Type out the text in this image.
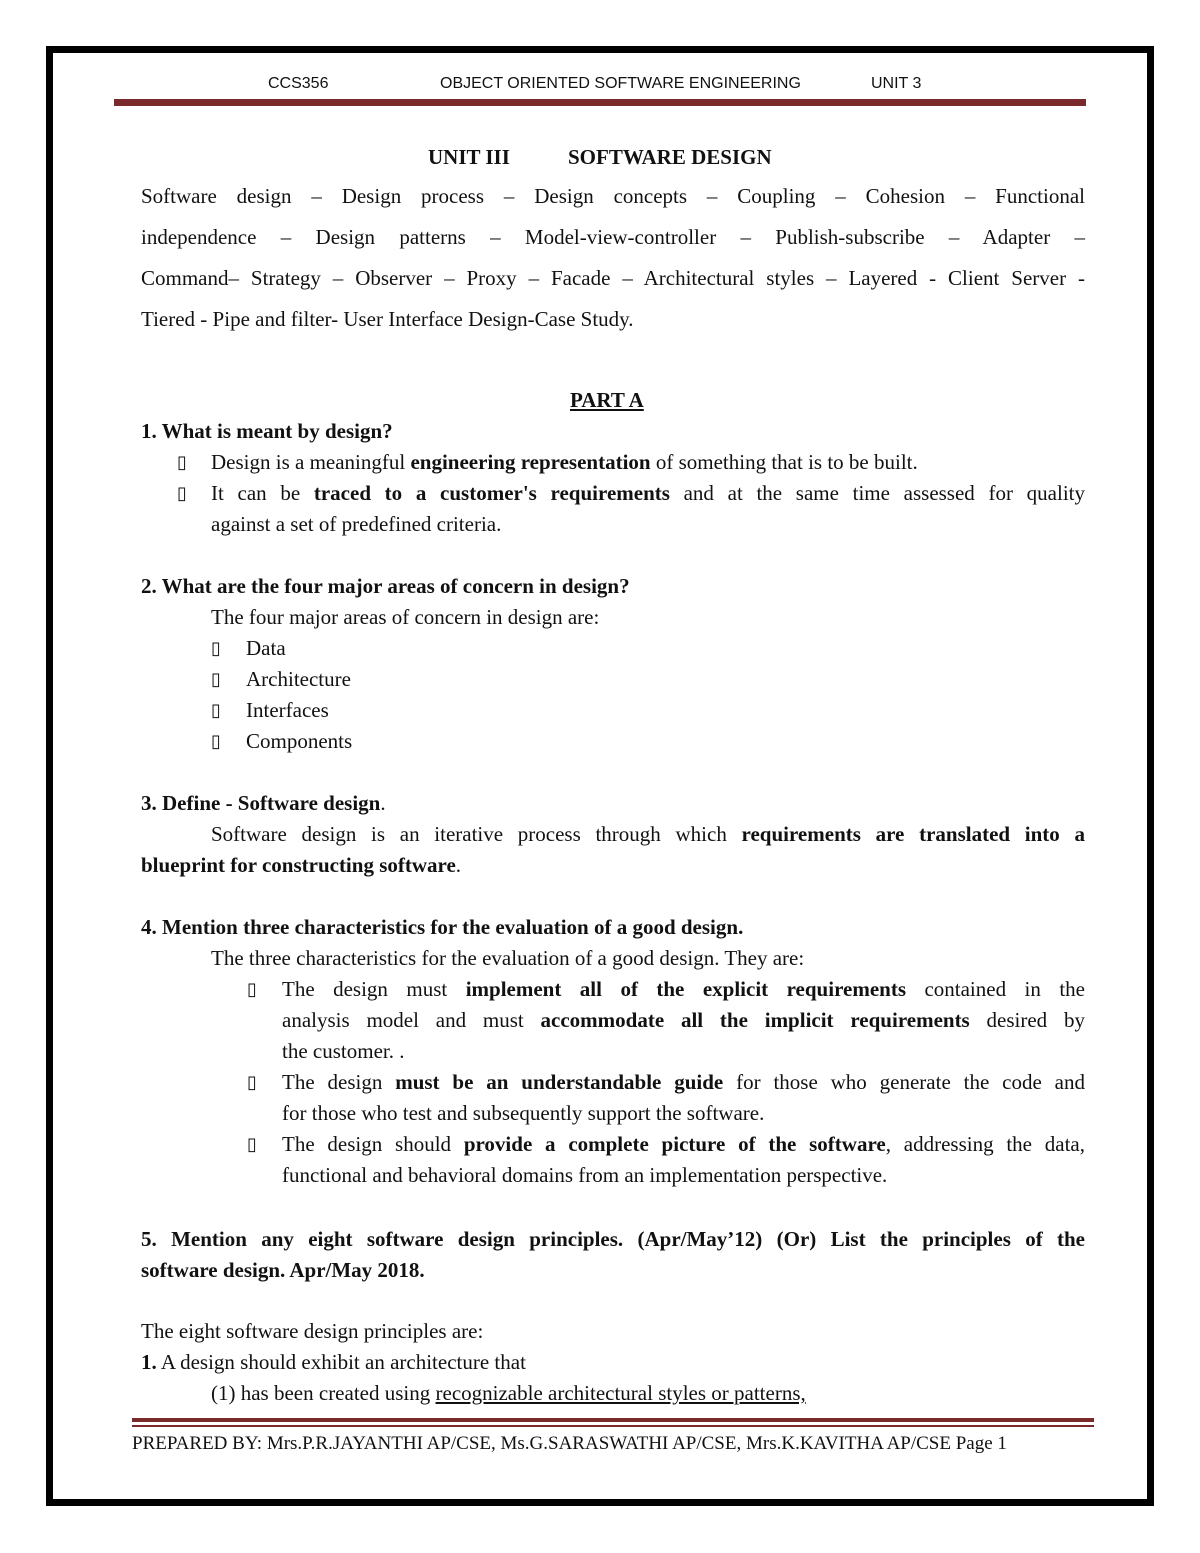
CCS356	OBJECT ORIENTED SOFTWARE ENGINEERING	UNIT 3
UNIT III	SOFTWARE DESIGN
Software design – Design process – Design concepts – Coupling – Cohesion – Functional
independence – Design patterns – Model-view-controller – Publish-subscribe – Adapter –
Command– Strategy – Observer – Proxy – Facade – Architectural styles – Layered - Client Server -
Tiered - Pipe and filter- User Interface Design-Case Study.
PART A
1. What is meant by design?
▯ Design is a meaningful engineering representation of something that is to be built.
▯ It can be traced to a customer's requirements and at the same time assessed for quality
against a set of predefined criteria.
2. What are the four major areas of concern in design?
The four major areas of concern in design are:
▯ Data
▯ Architecture
▯ Interfaces
▯ Components
3. Define - Software design.
Software design is an iterative process through which requirements are translated into a
blueprint for constructing software.
4. Mention three characteristics for the evaluation of a good design.
The three characteristics for the evaluation of a good design. They are:
▯ The design must implement all of the explicit requirements contained in the
analysis model and must accommodate all the implicit requirements desired by
the customer. .
▯ The design must be an understandable guide for those who generate the code and
for those who test and subsequently support the software.
▯ The design should provide a complete picture of the software, addressing the data,
functional and behavioral domains from an implementation perspective.
5. Mention any eight software design principles. (Apr/May’12) (Or) List the principles of the
software design. Apr/May 2018.
The eight software design principles are:
1. A design should exhibit an architecture that
(1) has been created using recognizable architectural styles or patterns,
PREPARED BY: Mrs.P.R.JAYANTHI AP/CSE, Ms.G.SARASWATHI AP/CSE, Mrs.K.KAVITHA AP/CSE Page 1
